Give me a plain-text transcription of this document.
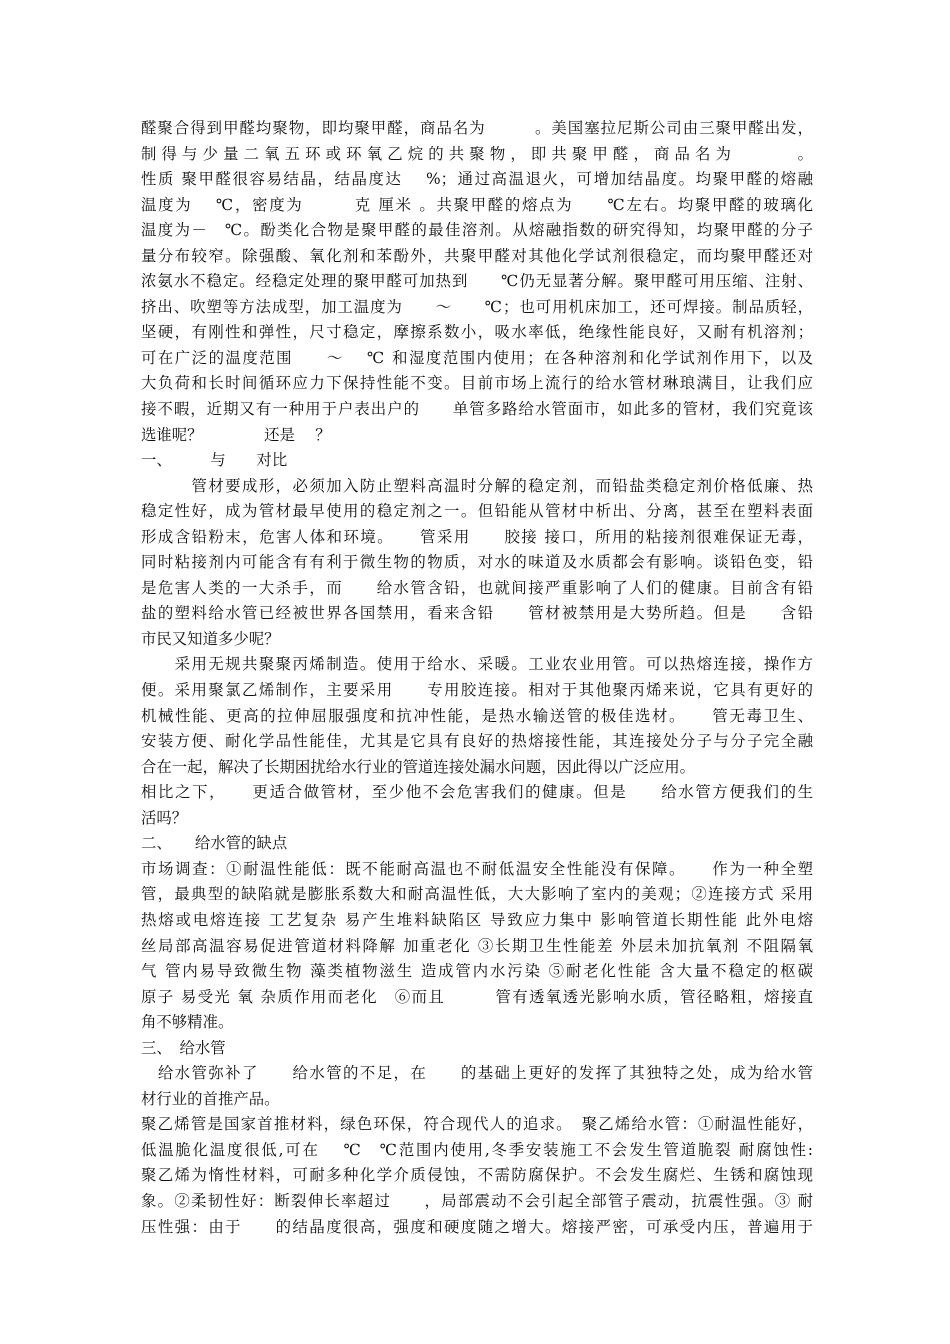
醛聚合得到甲醛均聚物，即均聚甲醛，商品名为　　　。美国塞拉尼斯公司由三聚甲醛出发，
制得与少量二氧五环或环氧乙烷的共聚物，即共聚甲醛，商品名为　　　。
性质 聚甲醛很容易结晶，结晶度达　 %；通过高温退火，可增加结晶度。均聚甲醛的熔融
温度为　 ℃，密度为　　　克 厘米 。共聚甲醛的熔点为　　℃左右。均聚甲醛的玻璃化
温度为－　℃。酚类化合物是聚甲醛的最佳溶剂。从熔融指数的研究得知，均聚甲醛的分子
量分布较窄。除强酸、氧化剂和苯酚外，共聚甲醛对其他化学试剂很稳定，而均聚甲醛还对
浓氨水不稳定。经稳定处理的聚甲醛可加热到　　℃仍无显著分解。聚甲醛可用压缩、注射、
挤出、吹塑等方法成型，加工温度为　　～　　℃；也可用机床加工，还可焊接。制品质轻，
坚硬，有刚性和弹性，尺寸稳定，摩擦系数小，吸水率低，绝缘性能良好，又耐有机溶剂；
可在广泛的温度范围　　～　 ℃ 和湿度范围内使用；在各种溶剂和化学试剂作用下，以及
大负荷和长时间循环应力下保持性能不变。目前市场上流行的给水管材琳琅满目，让我们应
接不暇，近期又有一种用于户表出户的　　单管多路给水管面市，如此多的管材，我们究竟该
选谁呢？　　　　还是　 ？
一、　　　与　　对比
　　　管材要成形，必须加入防止塑料高温时分解的稳定剂，而铅盐类稳定剂价格低廉、热
稳定性好，成为管材最早使用的稳定剂之一。但铅能从管材中析出、分离，甚至在塑料表面
形成含铅粉末，危害人体和环境。　　管采用　　胶接 接口，所用的粘接剂很难保证无毒，
同时粘接剂内可能含有有利于微生物的物质，对水的味道及水质都会有影响。谈铅色变，铅
是危害人类的一大杀手，而　　给水管含铅，也就间接严重影响了人们的健康。目前含有铅
盐的塑料给水管已经被世界各国禁用，看来含铅　　管材被禁用是大势所趋。但是　　含铅
市民又知道多少呢？
　　采用无规共聚聚丙烯制造。使用于给水、采暖。工业农业用管。可以热熔连接，操作方
便。采用聚氯乙烯制作，主要采用　　专用胶连接。相对于其他聚丙烯来说，它具有更好的
机械性能、更高的拉伸屈服强度和抗冲性能，是热水输送管的极佳选材。　　管无毒卫生、
安装方便、耐化学品性能佳，尤其是它具有良好的热熔接性能，其连接处分子与分子完全融
合在一起，解决了长期困扰给水行业的管道连接处漏水问题，因此得以广泛应用。
相比之下，　　更适合做管材，至少他不会危害我们的健康。但是　　给水管方便我们的生
活吗？
二、　　给水管的缺点
市场调查：①耐温性能低：既不能耐高温也不耐低温安全性能没有保障。　　作为一种全塑
管，最典型的缺陷就是膨胀系数大和耐高温性低，大大影响了室内的美观；②连接方式 采用
热熔或电熔连接 工艺复杂 易产生堆料缺陷区 导致应力集中 影响管道长期性能 此外电熔
丝局部高温容易促进管道材料降解 加重老化 ③长期卫生性能差 外层未加抗氧剂 不阻隔氧
气 管内易导致微生物 藻类植物滋生 造成管内水污染 ⑤耐老化性能 含大量不稳定的枢碳
原子 易受光 氧 杂质作用而老化　⑥而且　　　管有透氧透光影响水质，管径略粗，熔接直
角不够精准。
三、　给水管
　给水管弥补了　　给水管的不足，在　　的基础上更好的发挥了其独特之处，成为给水管
材行业的首推产品。
聚乙烯管是国家首推材料，绿色环保，符合现代人的追求。　聚乙烯给水管：①耐温性能好，
低温脆化温度很低,可在　 ℃　℃范围内使用,冬季安装施工不会发生管道脆裂 耐腐蚀性:
聚乙烯为惰性材料，可耐多种化学介质侵蚀，不需防腐保护。不会发生腐烂、生锈和腐蚀现
象。②柔韧性好：断裂伸长率超过　　，局部震动不会引起全部管子震动，抗震性强。③ 耐
压性强：由于　　的结晶度很高，强度和硬度随之增大。熔接严密，可承受内压，普遍用于
